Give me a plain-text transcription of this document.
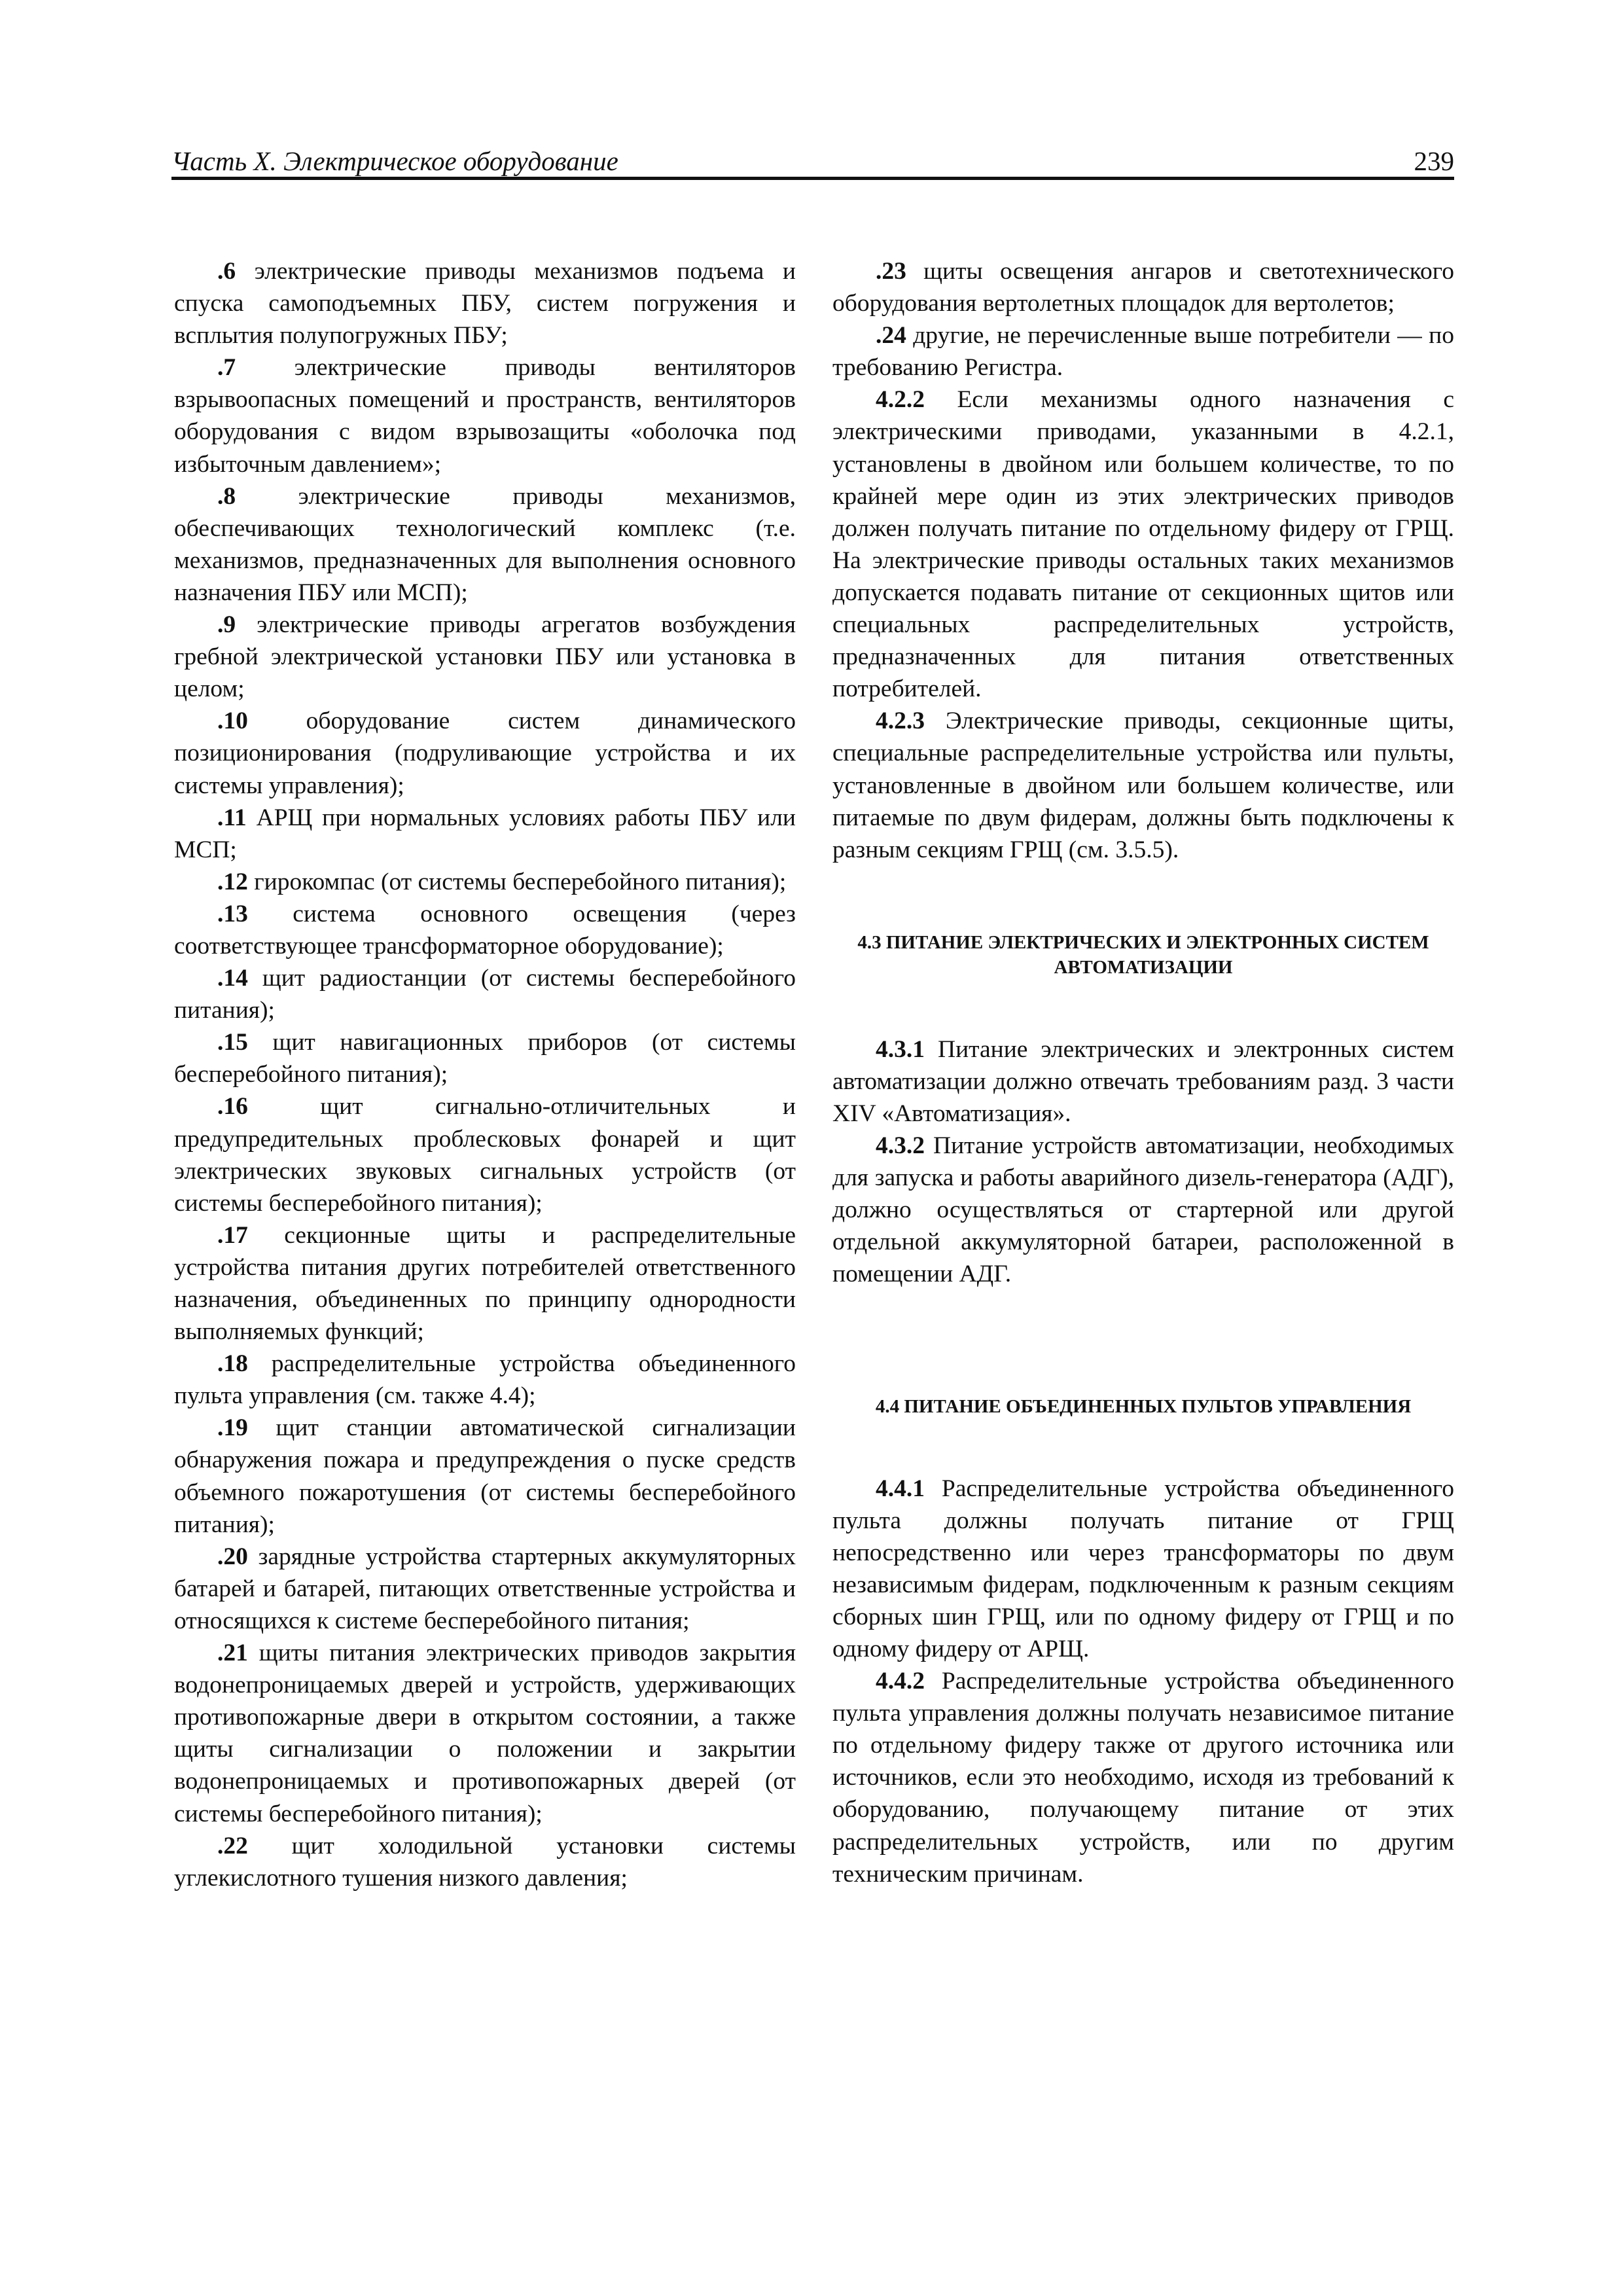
Часть X. Электрическое оборудование	239

.6 электрические приводы механизмов подъема и спуска самоподъемных ПБУ, систем погружения и всплытия полупогружных ПБУ;

.7 электрические приводы вентиляторов взрывоопасных помещений и пространств, вентиляторов оборудования с видом взрывозащиты «оболочка под избыточным давлением»;

.8 электрические приводы механизмов, обеспечивающих технологический комплекс (т.е. механизмов, предназначенных для выполнения основного назначения ПБУ или МСП);

.9 электрические приводы агрегатов возбуждения гребной электрической установки ПБУ или установка в целом;

.10 оборудование систем динамического позиционирования (подруливающие устройства и их системы управления);

.11 АРЩ при нормальных условиях работы ПБУ или МСП;

.12 гирокомпас (от системы бесперебойного питания);

.13 система основного освещения (через соответствующее трансформаторное оборудование);

.14 щит радиостанции (от системы бесперебойного питания);

.15 щит навигационных приборов (от системы бесперебойного питания);

.16 щит сигнально-отличительных и предупредительных проблесковых фонарей и щит электрических звуковых сигнальных устройств (от системы бесперебойного питания);

.17 секционные щиты и распределительные устройства питания других потребителей ответственного назначения, объединенных по принципу однородности выполняемых функций;

.18 распределительные устройства объединенного пульта управления (см. также 4.4);

.19 щит станции автоматической сигнализации обнаружения пожара и предупреждения о пуске средств объемного пожаротушения (от системы бесперебойного питания);

.20 зарядные устройства стартерных аккумуляторных батарей и батарей, питающих ответственные устройства и относящихся к системе бесперебойного питания;

.21 щиты питания электрических приводов закрытия водонепроницаемых дверей и устройств, удерживающих противопожарные двери в открытом состоянии, а также щиты сигнализации о положении и закрытии водонепроницаемых и противопожарных дверей (от системы бесперебойного питания);

.22 щит холодильной установки системы углекислотного тушения низкого давления;

.23 щиты освещения ангаров и светотехнического оборудования вертолетных площадок для вертолетов;

.24 другие, не перечисленные выше потребители — по требованию Регистра.

4.2.2 Если механизмы одного назначения с электрическими приводами, указанными в 4.2.1, установлены в двойном или большем количестве, то по крайней мере один из этих электрических приводов должен получать питание по отдельному фидеру от ГРЩ. На электрические приводы остальных таких механизмов допускается подавать питание от секционных щитов или специальных распределительных устройств, предназначенных для питания ответственных потребителей.

4.2.3 Электрические приводы, секционные щиты, специальные распределительные устройства или пульты, установленные в двойном или большем количестве, или питаемые по двум фидерам, должны быть подключены к разным секциям ГРЩ (см. 3.5.5).

4.3 ПИТАНИЕ ЭЛЕКТРИЧЕСКИХ И ЭЛЕКТРОННЫХ СИСТЕМ АВТОМАТИЗАЦИИ

4.3.1 Питание электрических и электронных систем автоматизации должно отвечать требованиям разд. 3 части XIV «Автоматизация».

4.3.2 Питание устройств автоматизации, необходимых для запуска и работы аварийного дизель-генератора (АДГ), должно осуществляться от стартерной или другой отдельной аккумуляторной батареи, расположенной в помещении АДГ.

4.4 ПИТАНИЕ ОБЪЕДИНЕННЫХ ПУЛЬТОВ УПРАВЛЕНИЯ

4.4.1 Распределительные устройства объединенного пульта должны получать питание от ГРЩ непосредственно или через трансформаторы по двум независимым фидерам, подключенным к разным секциям сборных шин ГРЩ, или по одному фидеру от ГРЩ и по одному фидеру от АРЩ.

4.4.2 Распределительные устройства объединенного пульта управления должны получать независимое питание по отдельному фидеру также от другого источника или источников, если это необходимо, исходя из требований к оборудованию, получающему питание от этих распределительных устройств, или по другим техническим причинам.
